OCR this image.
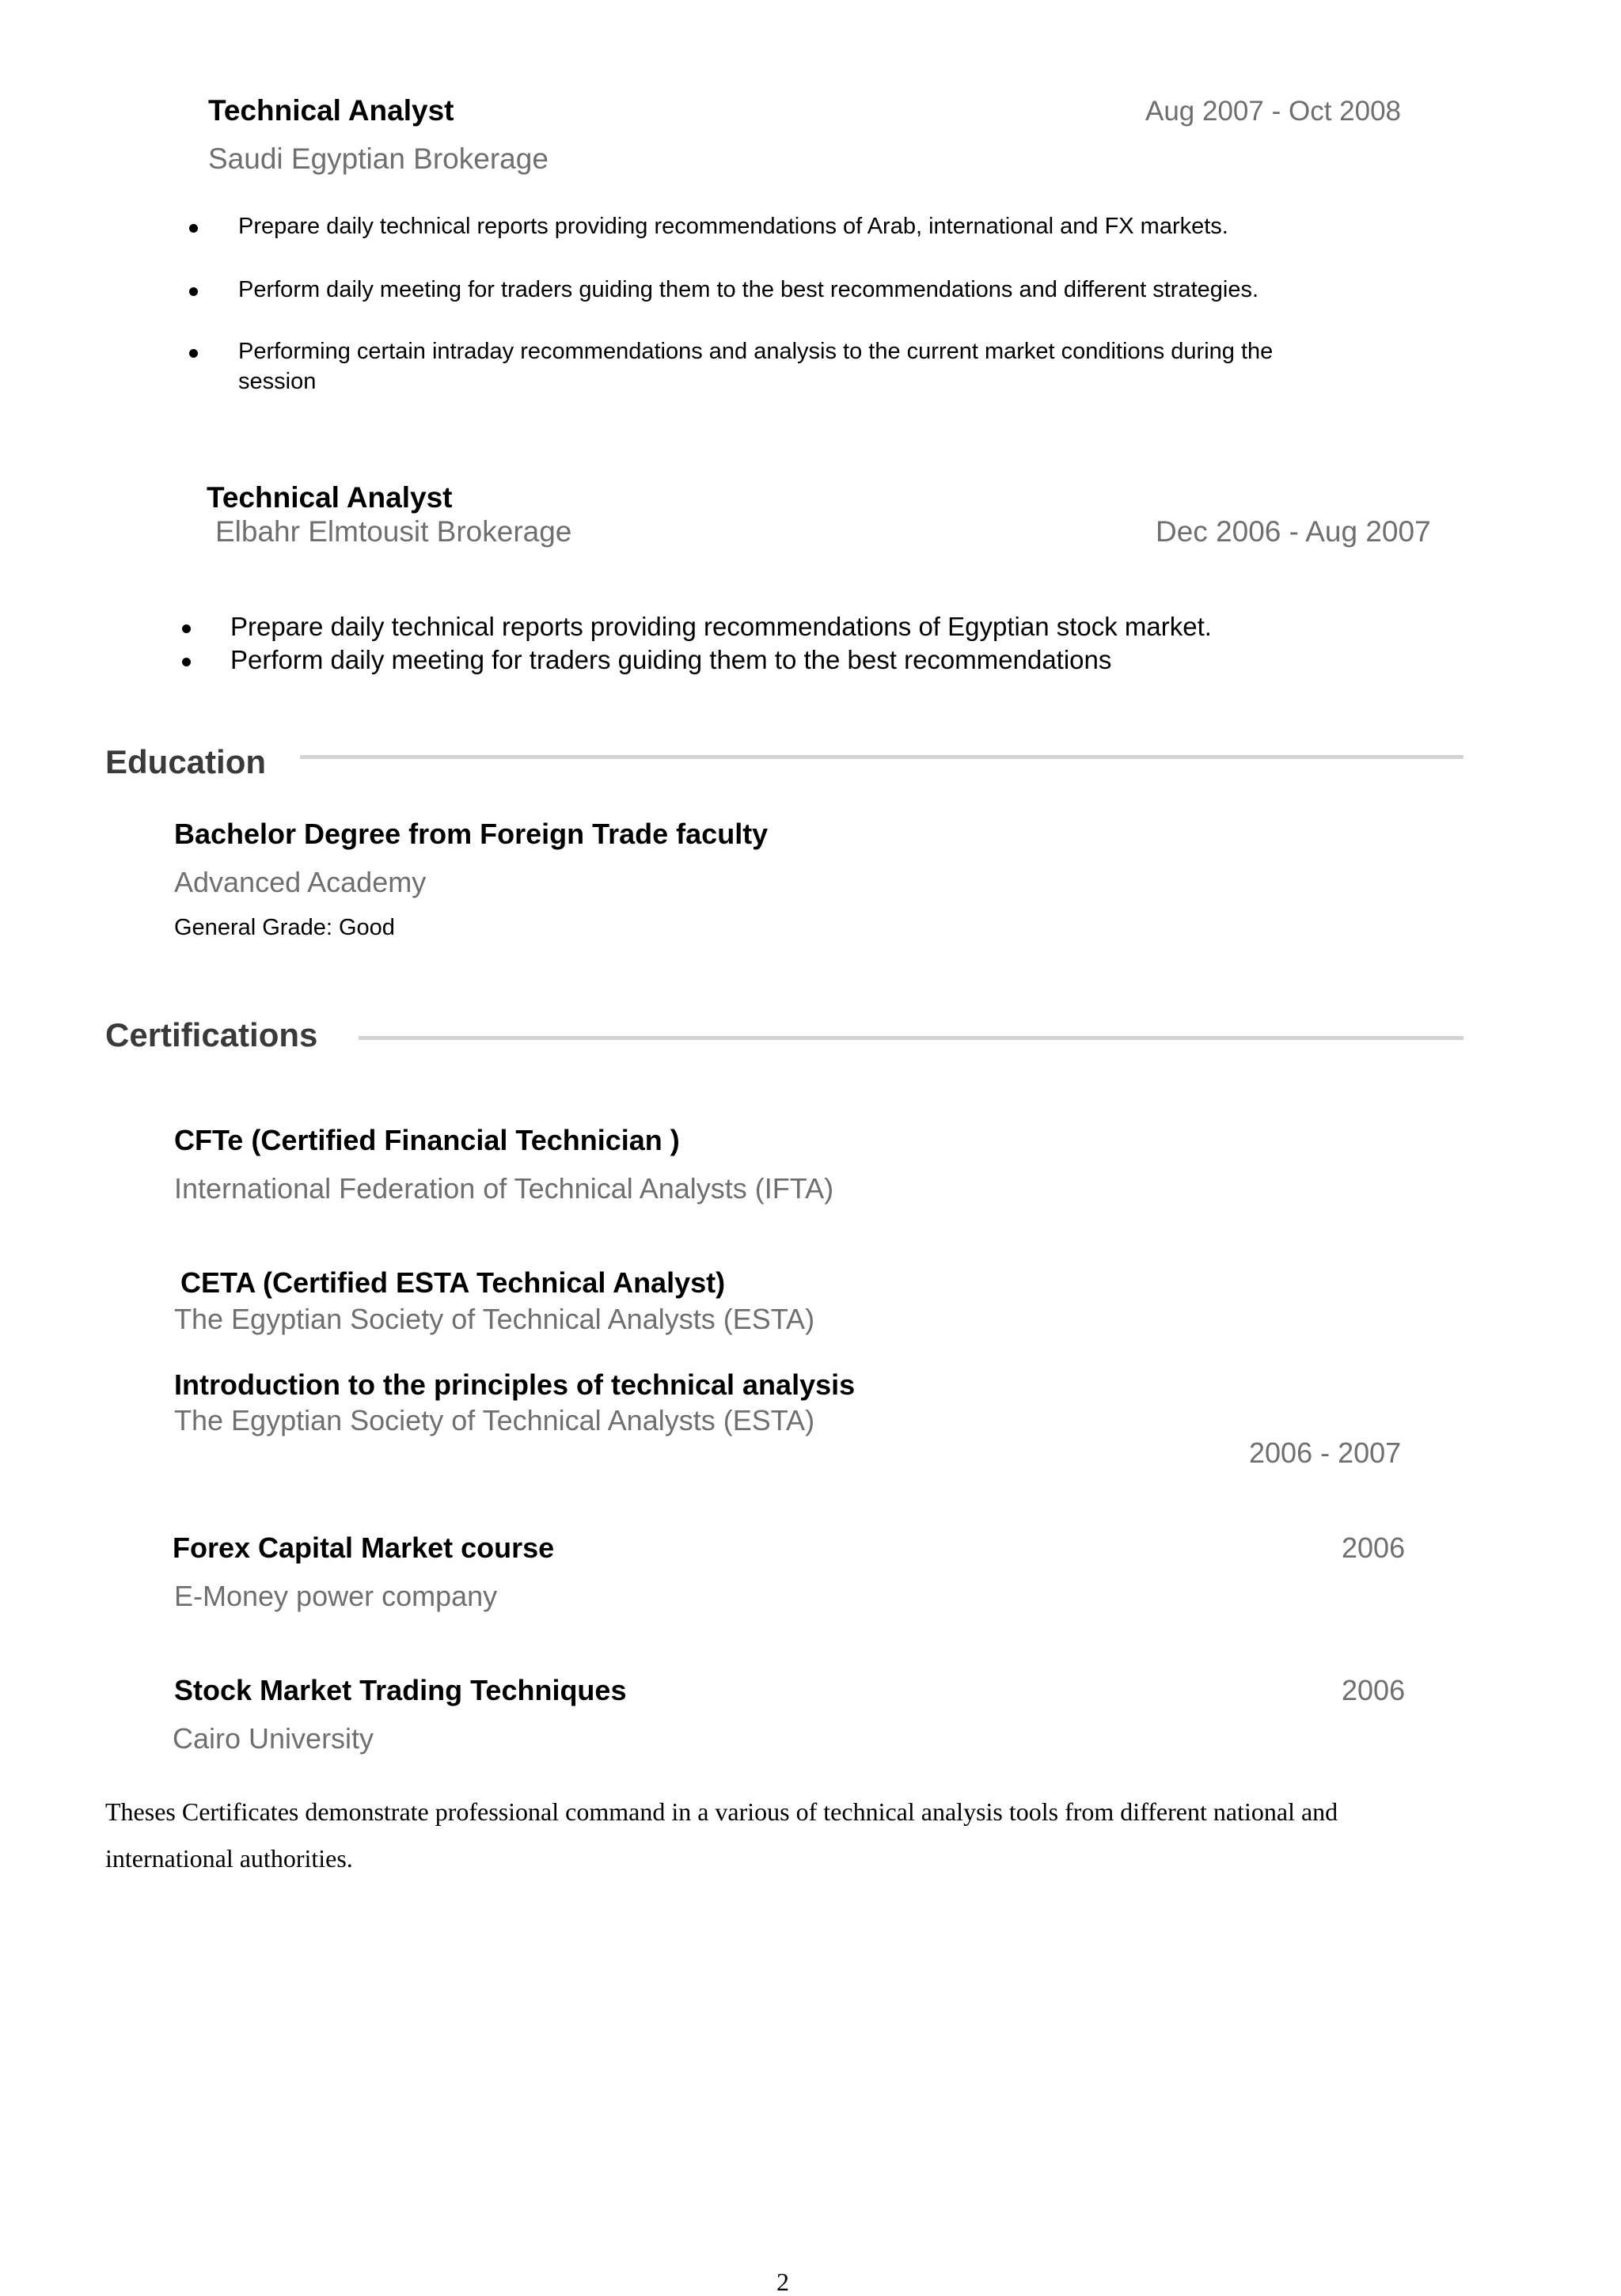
Technical Analyst	Aug 2007 - Oct 2008
Saudi Egyptian Brokerage
Prepare daily technical reports providing recommendations of Arab, international and FX markets.
Perform daily meeting for traders guiding them to the best recommendations and different strategies.
Performing certain intraday recommendations and analysis to the current market conditions during the
session
Technical Analyst
Elbahr Elmtousit Brokerage	Dec 2006 - Aug 2007
Prepare daily technical reports providing recommendations of Egyptian stock market.
Perform daily meeting for traders guiding them to the best recommendations
Education
Bachelor Degree from Foreign Trade faculty
Advanced Academy
General Grade: Good
Certifications
CFTe (Certified Financial Technician )
International Federation of Technical Analysts (IFTA)
CETA (Certified ESTA Technical Analyst)
The Egyptian Society of Technical Analysts (ESTA)
Introduction to the principles of technical analysis
The Egyptian Society of Technical Analysts (ESTA)
2006 - 2007
Forex Capital Market course	2006
E-Money power company
Stock Market Trading Techniques	2006
Cairo University
Theses Certificates demonstrate professional command in a various of technical analysis tools from different national and
international authorities.
2
